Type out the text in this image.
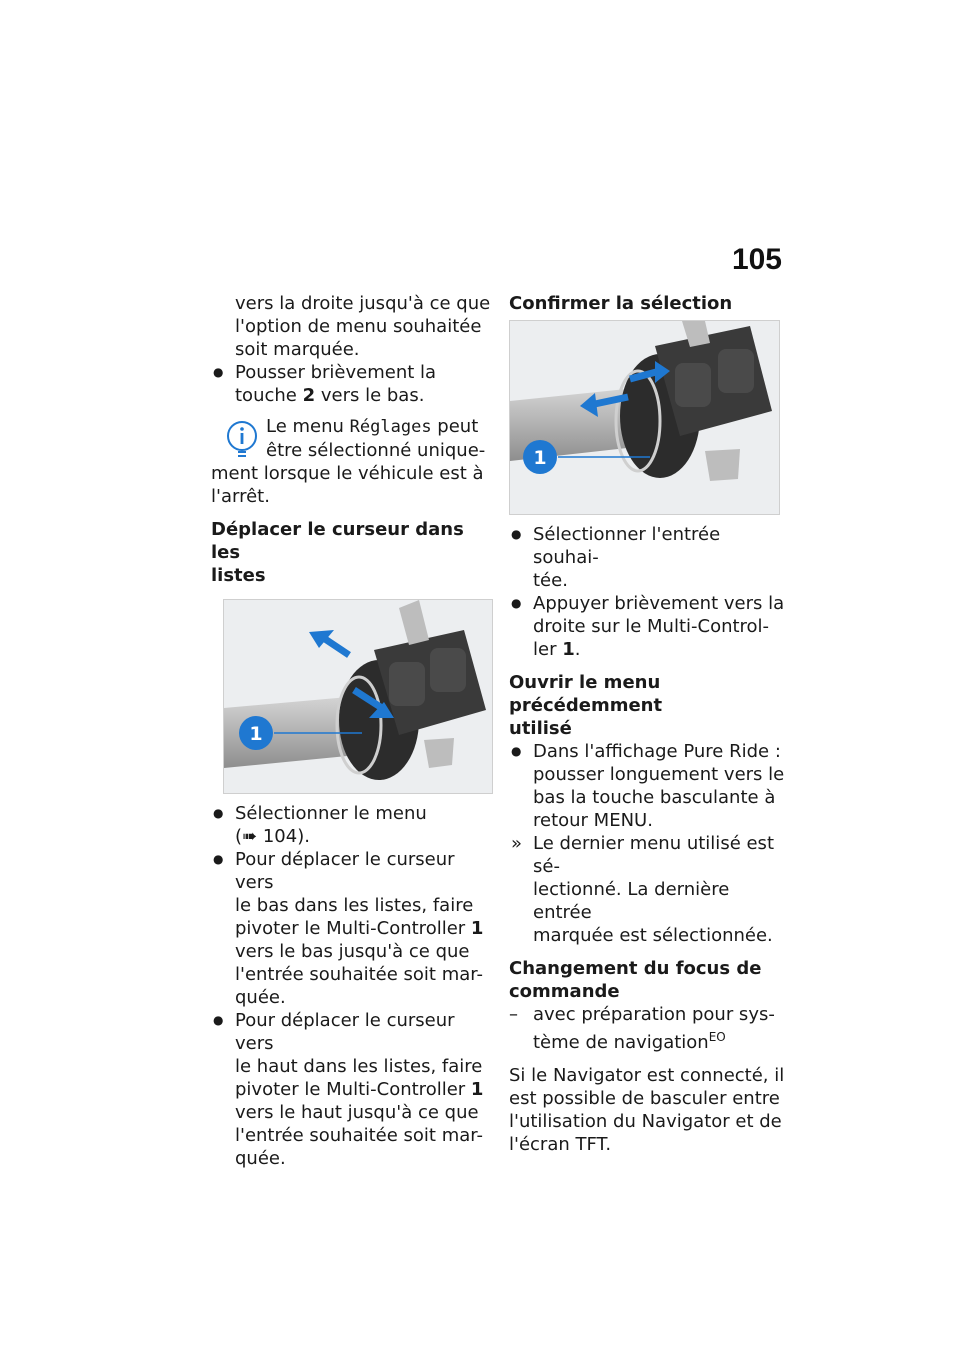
105

vers la droite jusqu'à ce que
l'option de menu souhaitée
soit marquée.

● Pousser brièvement la
touche 2 vers le bas.

Le menu Réglages peut
être sélectionné unique-

ment lorsque le véhicule est à
l'arrêt.

Déplacer le curseur dans les
listes

1

● Sélectionner le menu
(➠ 104).

● Pour déplacer le curseur vers
le bas dans les listes, faire
pivoter le Multi-Controller 1
vers le bas jusqu'à ce que
l'entrée souhaitée soit mar-
quée.

● Pour déplacer le curseur vers
le haut dans les listes, faire
pivoter le Multi-Controller 1
vers le haut jusqu'à ce que
l'entrée souhaitée soit mar-
quée.

Confirmer la sélection

1

● Sélectionner l'entrée souhai-
tée.

● Appuyer brièvement vers la
droite sur le Multi-Control-
ler 1.

Ouvrir le menu précédemment
utilisé

● Dans l'affichage Pure Ride :
pousser longuement vers le
bas la touche basculante à
retour MENU.

» Le dernier menu utilisé est sé-
lectionné. La dernière entrée
marquée est sélectionnée.

Changement du focus de
commande

– avec préparation pour sys-
tème de navigation$^{EO}$

Si le Navigator est connecté, il
est possible de basculer entre
l'utilisation du Navigator et de
l'écran TFT.
